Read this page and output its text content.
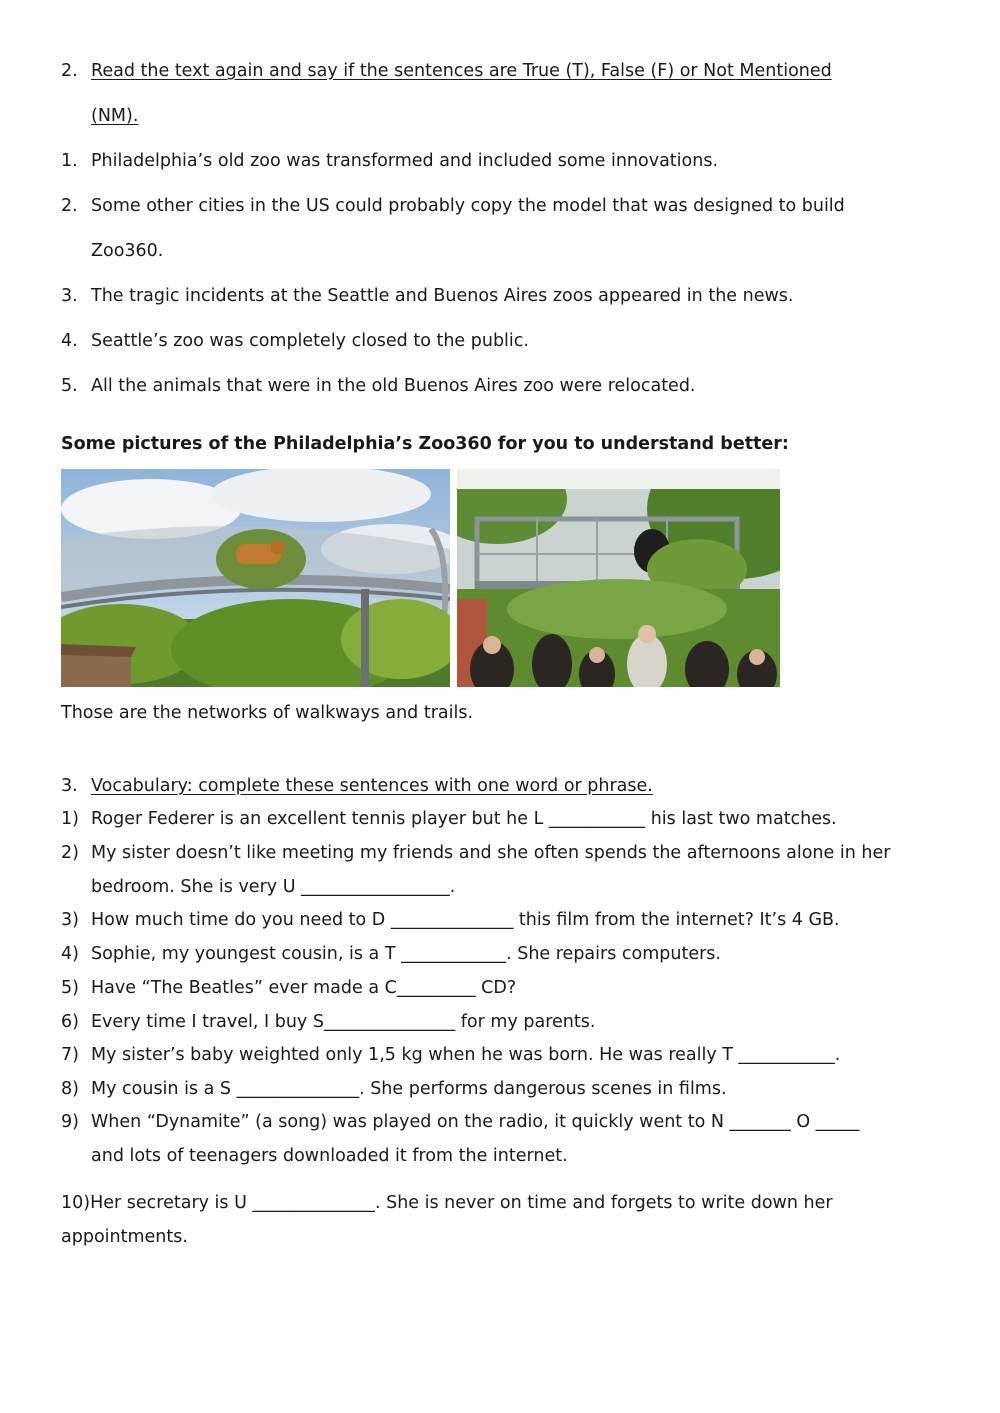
2. Read the text again and say if the sentences are True (T), False (F) or Not Mentioned
(NM).
1. Philadelphia’s old zoo was transformed and included some innovations.
2. Some other cities in the US could probably copy the model that was designed to build
Zoo360.
3. The tragic incidents at the Seattle and Buenos Aires zoos appeared in the news.
4. Seattle’s zoo was completely closed to the public.
5. All the animals that were in the old Buenos Aires zoo were relocated.
Some pictures of the Philadelphia’s Zoo360 for you to understand better:
Those are the networks of walkways and trails.
3. Vocabulary: complete these sentences with one word or phrase.
1) Roger Federer is an excellent tennis player but he L ___________ his last two matches.
2) My sister doesn’t like meeting my friends and she often spends the afternoons alone in her
bedroom. She is very U _________________.
3) How much time do you need to D ______________ this film from the internet? It’s 4 GB.
4) Sophie, my youngest cousin, is a T ____________. She repairs computers.
5) Have “The Beatles” ever made a C_________ CD?
6) Every time I travel, I buy S_______________ for my parents.
7) My sister’s baby weighted only 1,5 kg when he was born. He was really T ___________.
8) My cousin is a S ______________. She performs dangerous scenes in films.
9) When “Dynamite” (a song) was played on the radio, it quickly went to N _______ O _____
and lots of teenagers downloaded it from the internet.
10)Her secretary is U ______________. She is never on time and forgets to write down her
appointments.
